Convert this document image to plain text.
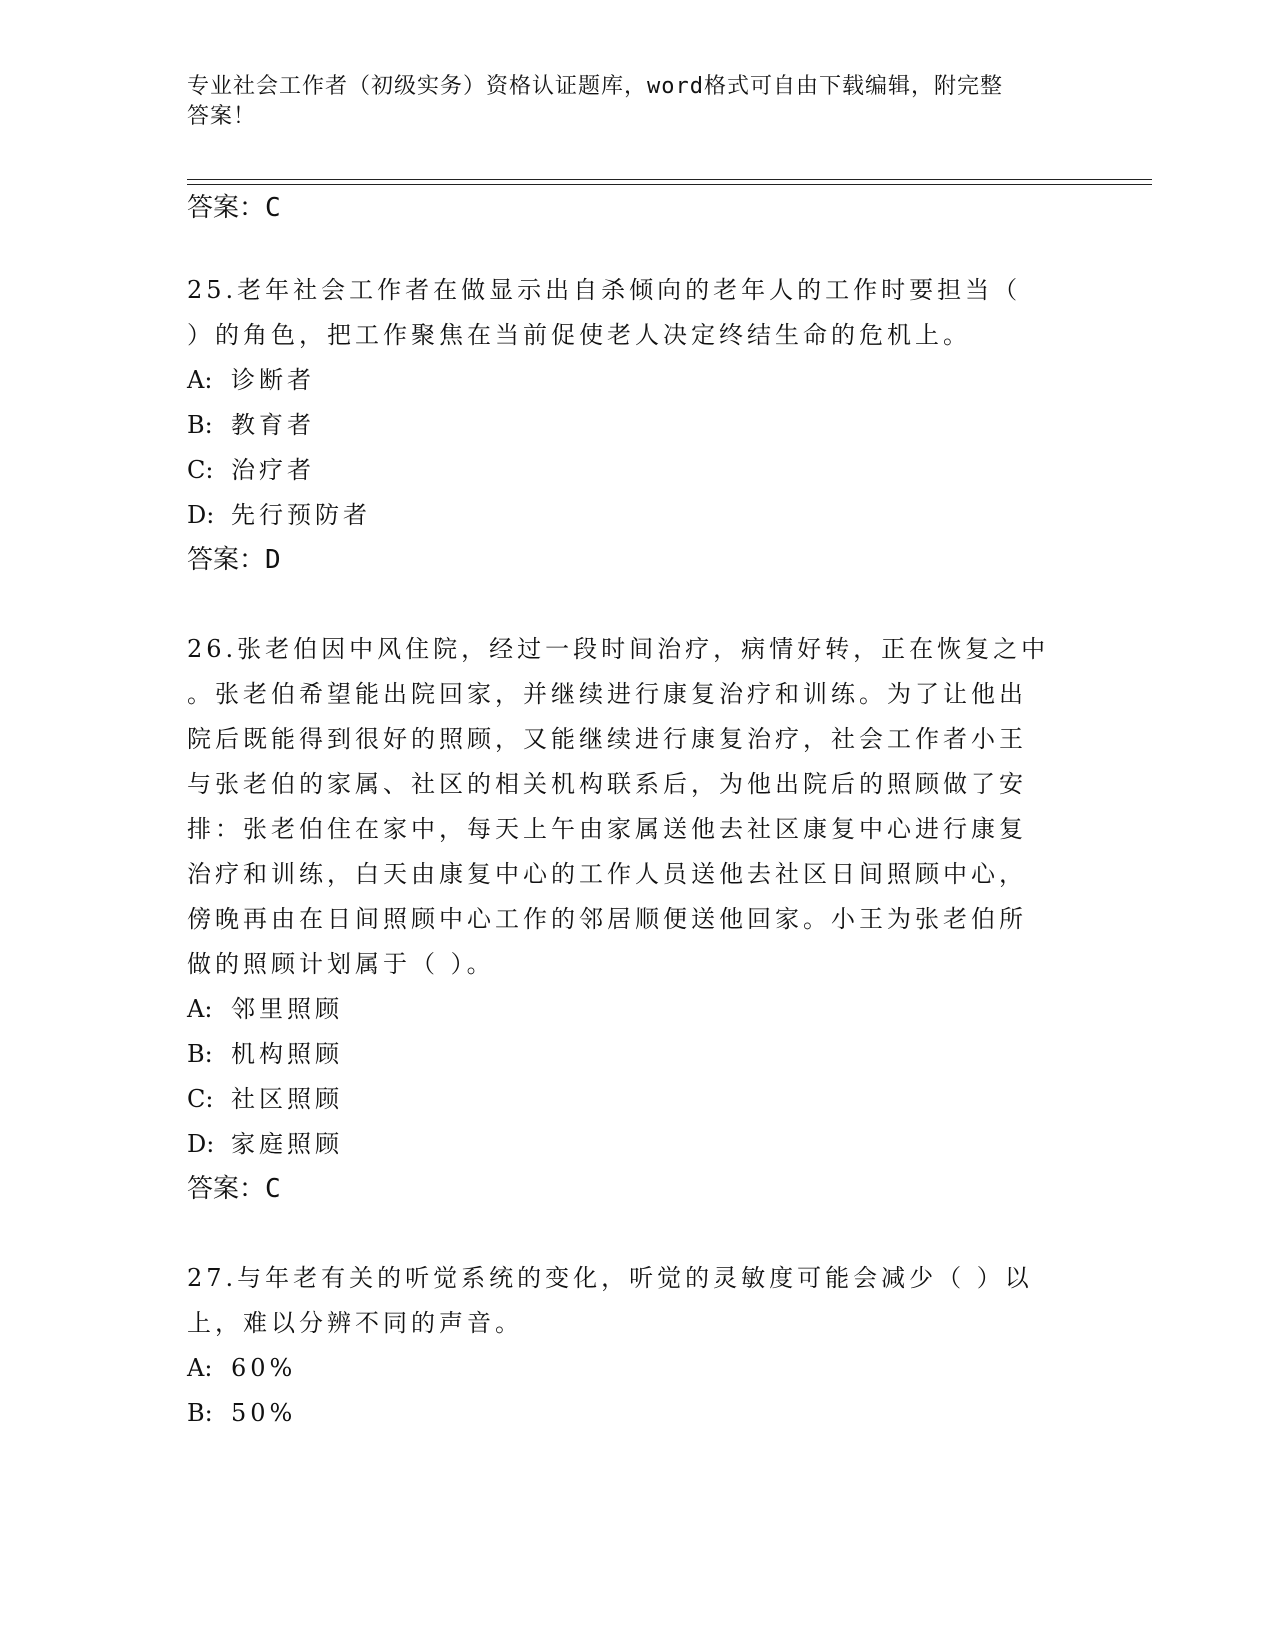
专业社会工作者（初级实务）资格认证题库，word格式可自由下载编辑，附完整
答案！
答案：C
25.老年社会工作者在做显示出自杀倾向的老年人的工作时要担当（
）的角色，把工作聚焦在当前促使老人决定终结生命的危机上。
A: 诊断者
B: 教育者
C: 治疗者
D: 先行预防者
答案：D
26.张老伯因中风住院，经过一段时间治疗，病情好转，正在恢复之中
。张老伯希望能出院回家，并继续进行康复治疗和训练。为了让他出
院后既能得到很好的照顾，又能继续进行康复治疗，社会工作者小王
与张老伯的家属、社区的相关机构联系后，为他出院后的照顾做了安
排：张老伯住在家中，每天上午由家属送他去社区康复中心进行康复
治疗和训练，白天由康复中心的工作人员送他去社区日间照顾中心，
傍晚再由在日间照顾中心工作的邻居顺便送他回家。小王为张老伯所
做的照顾计划属于（ ）。
A: 邻里照顾
B: 机构照顾
C: 社区照顾
D: 家庭照顾
答案：C
27.与年老有关的听觉系统的变化，听觉的灵敏度可能会减少（ ）以
上，难以分辨不同的声音。
A: 60%
B: 50%
